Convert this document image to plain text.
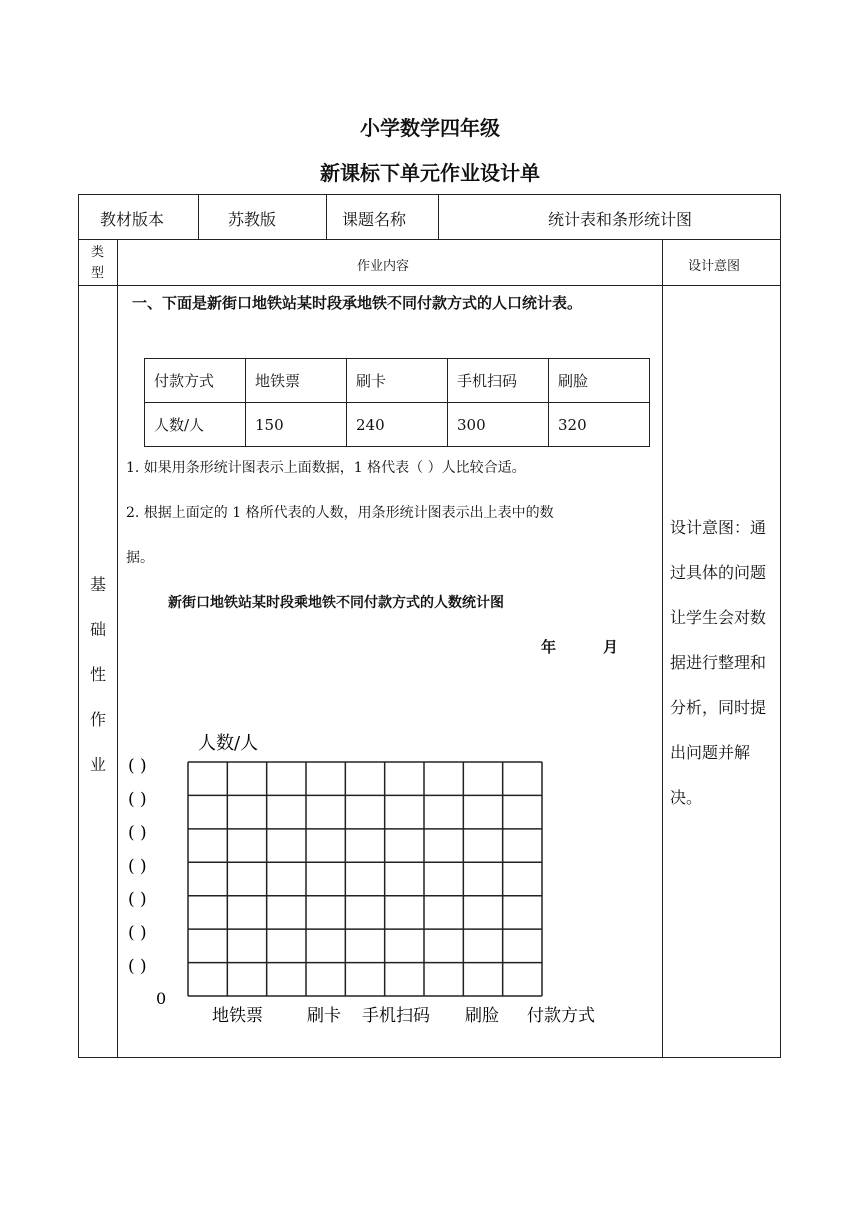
小学数学四年级
新课标下单元作业设计单
教材版本	苏教版	课题名称	统计表和条形统计图
类
型	作业内容	设计意图
基
础
性
作
业
一、下面是新街口地铁站某时段承地铁不同付款方式的人口统计表。
付款方式	地铁票	刷卡	手机扫码	刷脸
人数/人	150	240	300	320
1. 如果用条形统计图表示上面数据，1 格代表（ ）人比较合适。
2. 根据上面定的 1 格所代表的人数，用条形统计图表示出上表中的数
据。
新街口地铁站某时段乘地铁不同付款方式的人数统计图
年	月
人数/人
( )
( )
( )
( )
( )
( )
( )
0
地铁票	刷卡 手机扫码 刷脸 付款方式
设计意图：通过具体的问题让学生会对数据进行整理和分析，同时提出问题并解决。
